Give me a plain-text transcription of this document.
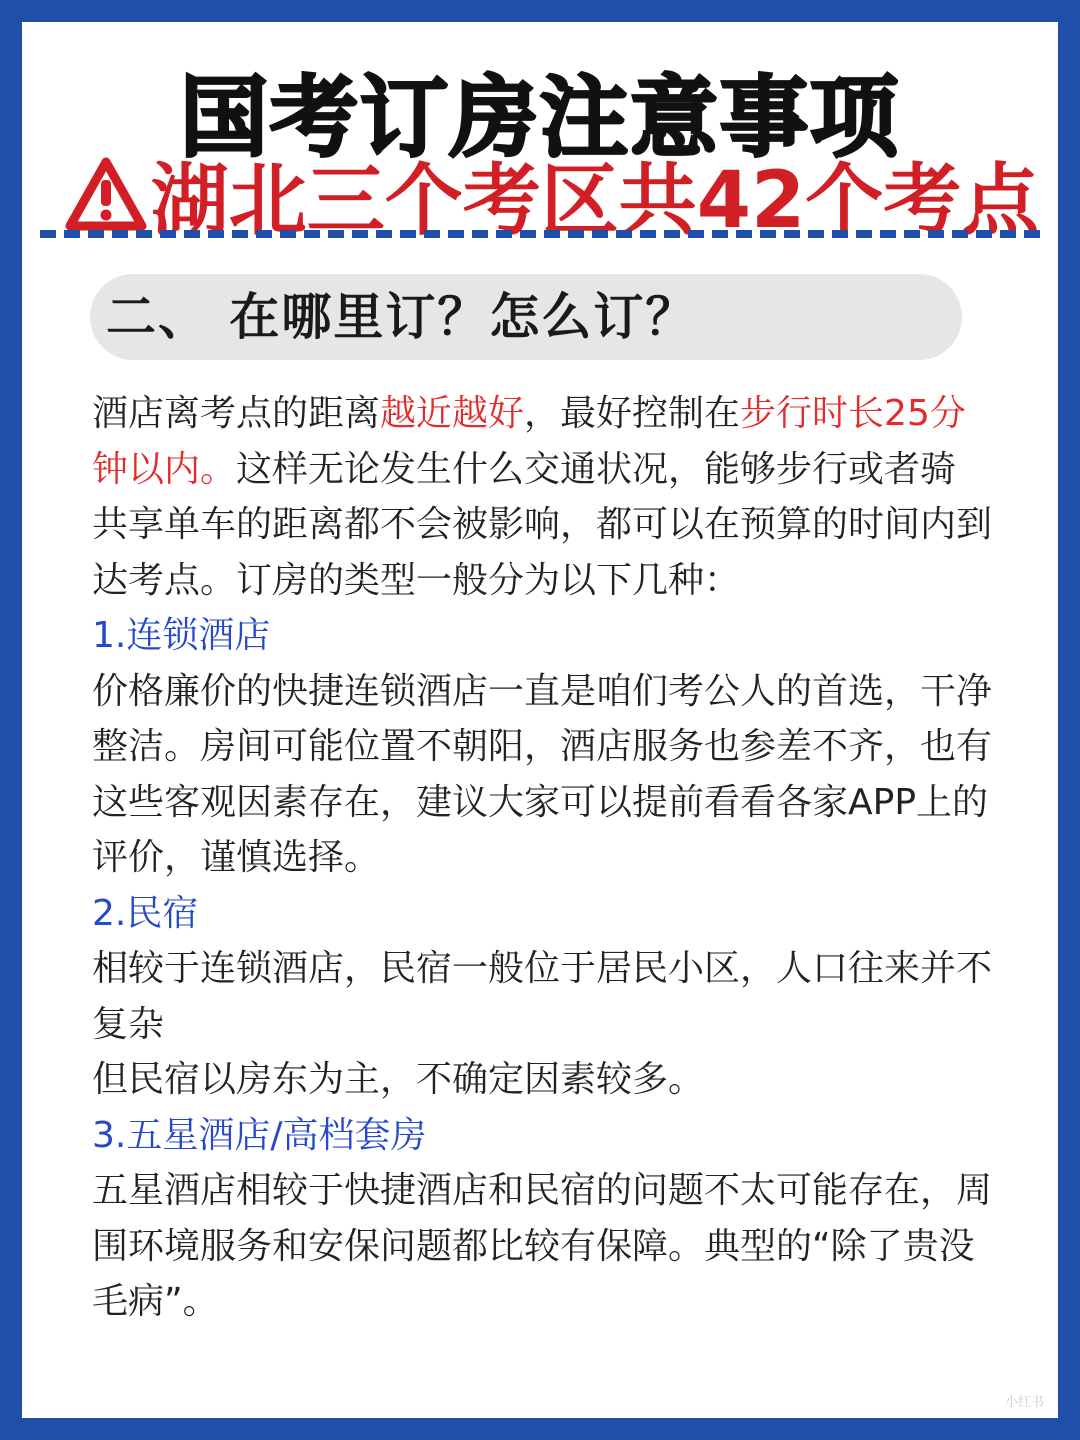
国考订房注意事项
湖北三个考区共42个考点
二、 在哪里订？怎么订？

酒店离考点的距离越近越好，最好控制在步行时长25分钟以内。这样无论发生什么交通状况，能够步行或者骑共享单车的距离都不会被影响，都可以在预算的时间内到达考点。订房的类型一般分为以下几种：

1.连锁酒店

价格廉价的快捷连锁酒店一直是咱们考公人的首选，干净整洁。房间可能位置不朝阳，酒店服务也参差不齐，也有这些客观因素存在，建议大家可以提前看看各家APP上的评价，谨慎选择。

2.民宿

相较于连锁酒店，民宿一般位于居民小区，人口往来并不复杂

但民宿以房东为主，不确定因素较多。

3.五星酒店/高档套房

五星酒店相较于快捷酒店和民宿的问题不太可能存在，周围环境服务和安保问题都比较有保障。典型的“除了贵没毛病”。

小红书
